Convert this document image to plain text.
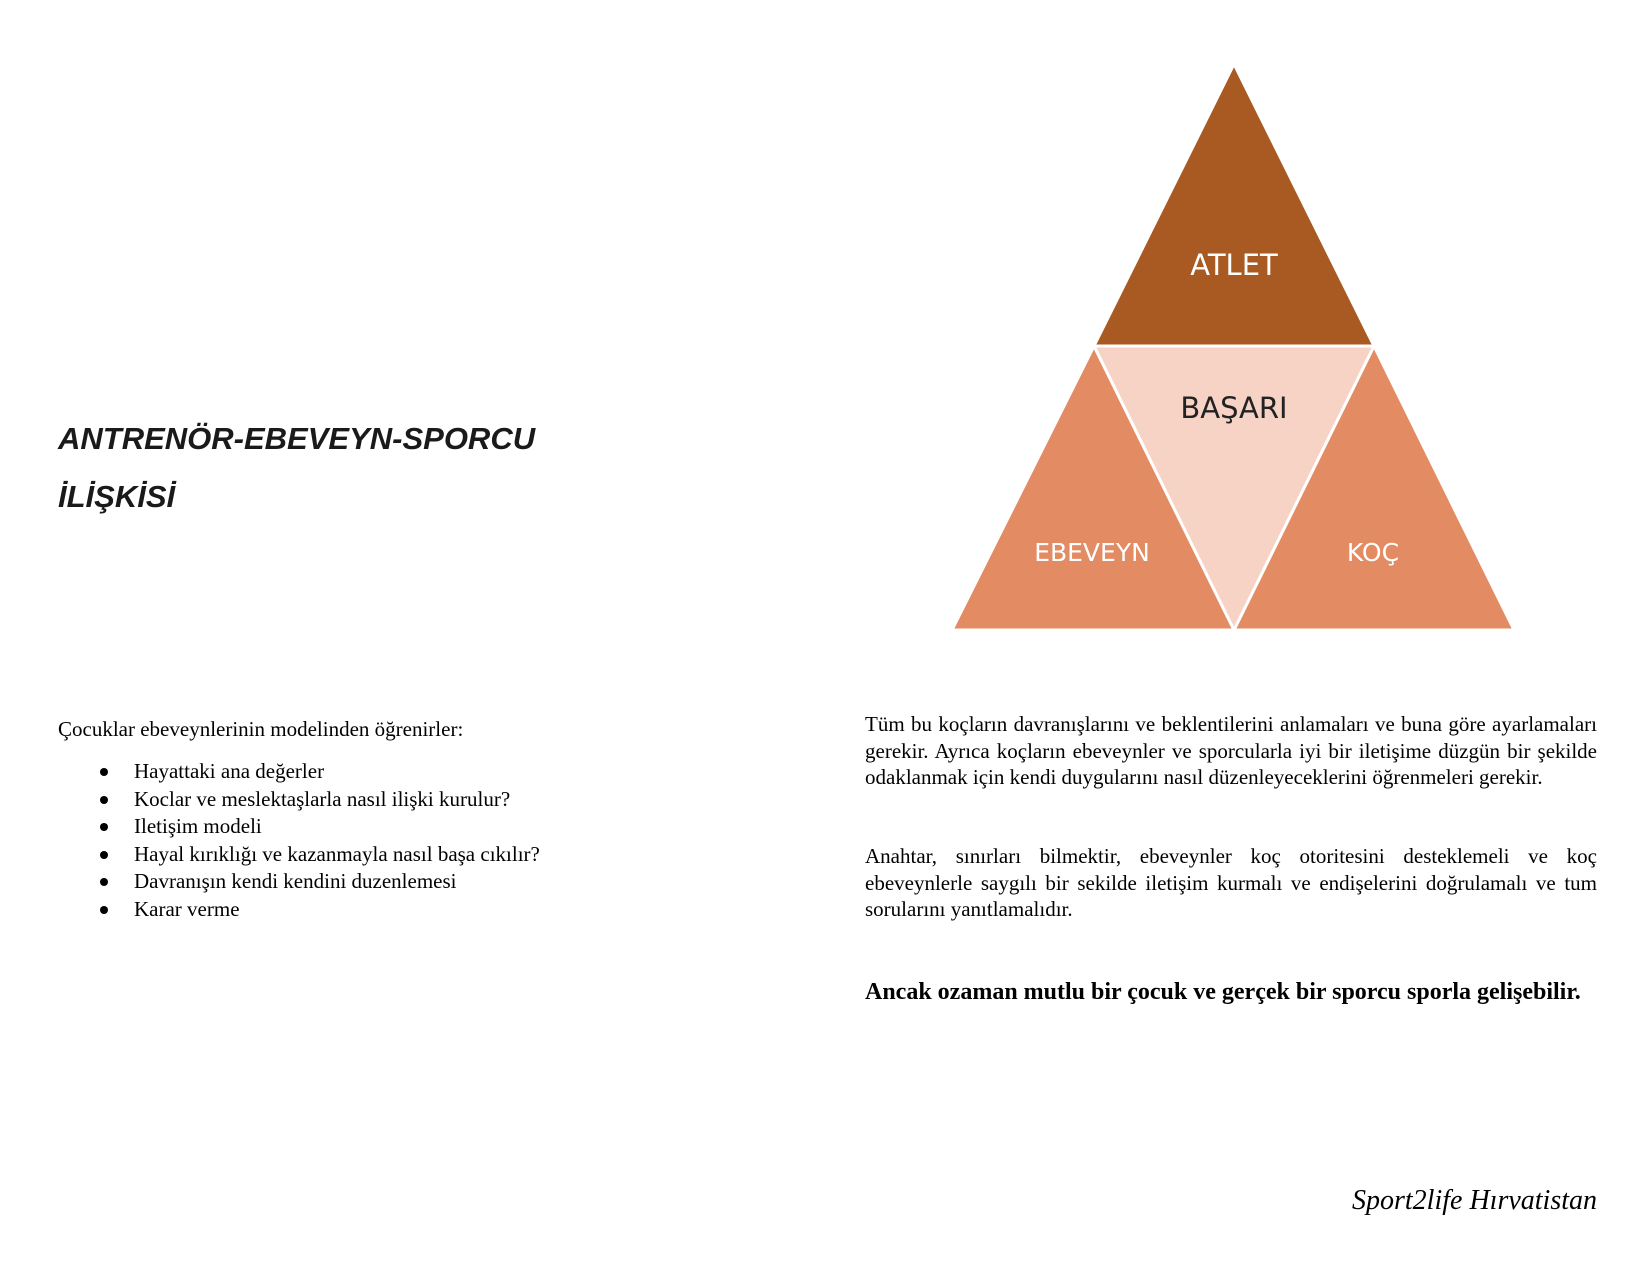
ANTRENÖR-EBEVEYN-SPORCU
İLİŞKİSİ
ATLET
BAŞARI
EBEVEYN	KOÇ

Çocuklar ebeveynlerinin modelinden öğrenirler:

Hayattaki ana değerler
Koclar ve meslektaşlarla nasıl ilişki kurulur?
Iletişim modeli
Hayal kırıklığı ve kazanmayla nasıl başa cıkılır?
Davranışın kendi kendini duzenlemesi
Karar verme

Tüm bu koçların davranışlarını ve beklentilerini anlamaları ve buna göre ayarlamaları gerekir. Ayrıca koçların ebeveynler ve sporcularla iyi bir iletişime düzgün bir şekilde odaklanmak için kendi duygularını nasıl düzenleyeceklerini öğrenmeleri gerekir.

Anahtar, sınırları bilmektir, ebeveynler koç otoritesini desteklemeli ve koç ebeveynlerle saygılı bir sekilde iletişim kurmalı ve endişelerini doğrulamalı ve tum sorularını yanıtlamalıdır.

Ancak ozaman mutlu bir çocuk ve gerçek bir sporcu sporla gelişebilir.

Sport2life Hırvatistan
